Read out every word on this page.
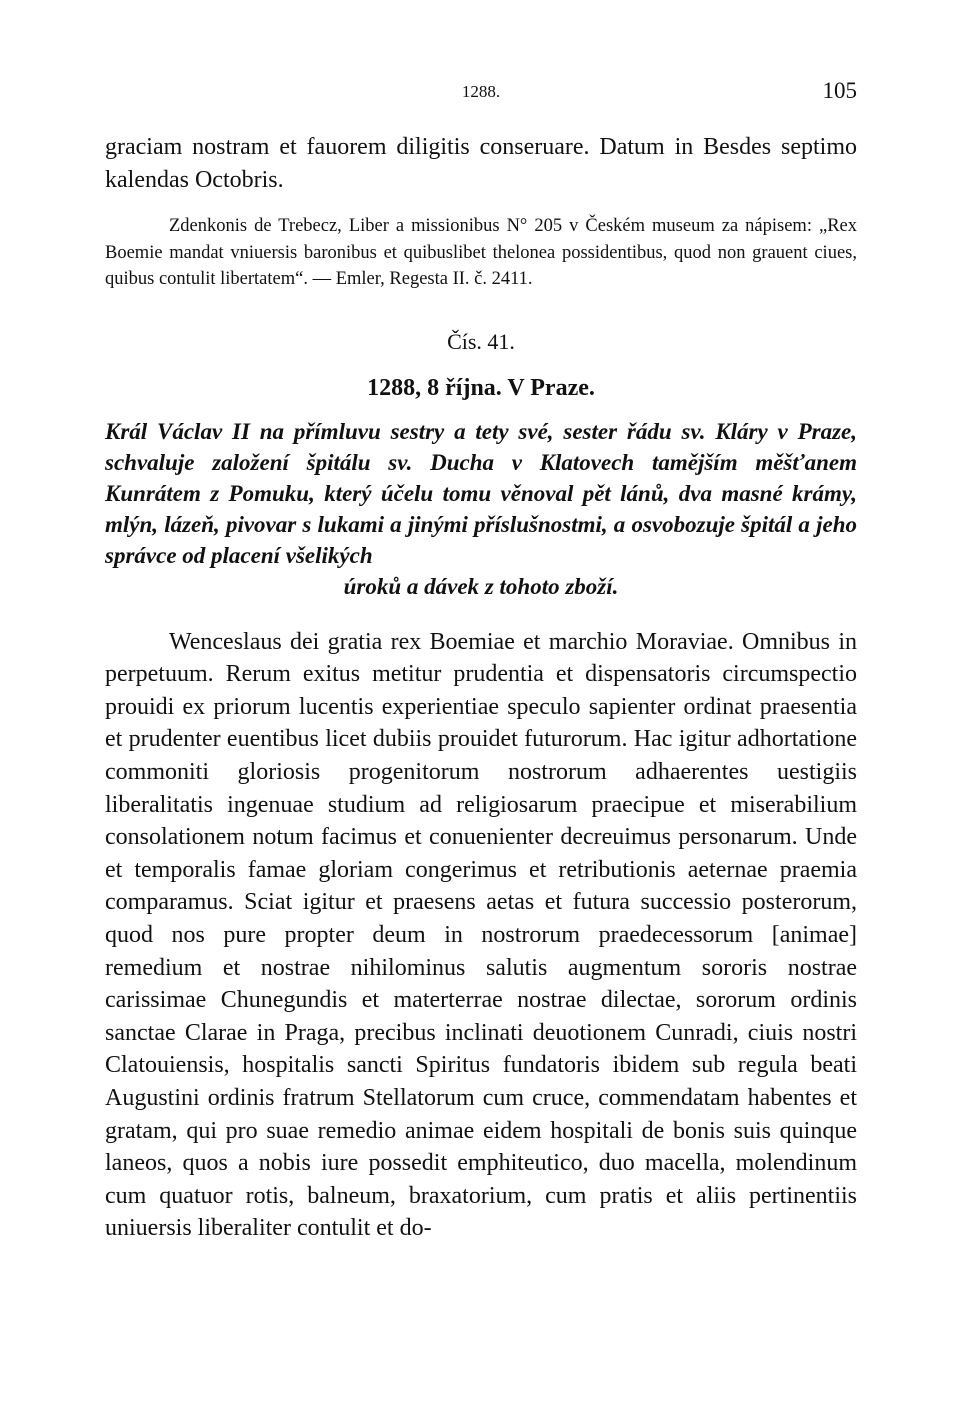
1288.	105

graciam nostram et fauorem diligitis conseruare. Datum in Besdes septimo kalendas Octobris.

Zdenkonis de Trebecz, Liber a missionibus N° 205 v Českém museum za nápisem: „Rex Boemie mandat vniuersis baronibus et quibuslibet thelonea possidentibus, quod non grauent ciues, quibus contulit libertatem“. — Emler, Regesta II. č. 2411.

Čís. 41.
1288, 8 října. V Praze.

Král Václav II na přímluvu sestry a tety své, sester řádu sv. Kláry v Praze, schvaluje založení špitálu sv. Ducha v Klatovech tamějším měšťanem Kunrátem z Pomuku, který účelu tomu věnoval pět lánů, dva masné krámy, mlýn, lázeň, pivovar s lukami a jinými příslušnostmi, a osvobozuje špitál a jeho správce od placení všelikých
úroků a dávek z tohoto zboží.

Wenceslaus dei gratia rex Boemiae et marchio Moraviae. Omnibus in perpetuum. Rerum exitus metitur prudentia et dispensatoris circumspectio prouidi ex priorum lucentis experientiae speculo sapienter ordinat praesentia et prudenter euentibus licet dubiis prouidet futurorum. Hac igitur adhortatione commoniti gloriosis progenitorum nostrorum adhaerentes uestigiis liberalitatis ingenuae studium ad religiosarum praecipue et miserabilium consolationem notum facimus et conuenienter decreuimus personarum. Unde et temporalis famae gloriam congerimus et retributionis aeternae praemia comparamus. Sciat igitur et praesens aetas et futura successio posterorum, quod nos pure propter deum in nostrorum praedecessorum [animae] remedium et nostrae nihilominus salutis augmentum sororis nostrae carissimae Chunegundis et materterrae nostrae dilectae, sororum ordinis sanctae Clarae in Praga, precibus inclinati deuotionem Cunradi, ciuis nostri Clatouiensis, hospitalis sancti Spiritus fundatoris ibidem sub regula beati Augustini ordinis fratrum Stellatorum cum cruce, commendatam habentes et gratam, qui pro suae remedio animae eidem hospitali de bonis suis quinque laneos, quos a nobis iure possedit emphiteutico, duo macella, molendinum cum quatuor rotis, balneum, braxatorium, cum pratis et aliis pertinentiis uniuersis liberaliter contulit et do-
